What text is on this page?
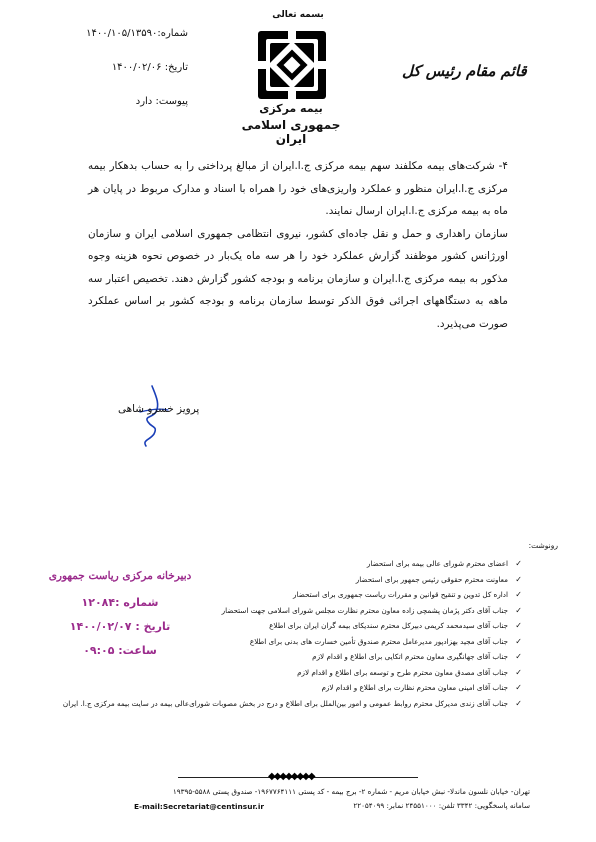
بسمه تعالی
بیمه مرکزی
جمهوری اسلامی ایران
شماره:۱۴۰۰/۱۰۵/۱۳۵۹۰
تاریخ: ۱۴۰۰/۰۲/۰۶
پیوست: دارد
قائم مقام رئیس کل

۴- شرکت‌های بیمه مکلفند سهم بیمه مرکزی ج.ا.ایران از مبالغ پرداختی را به حساب بدهکار بیمه مرکزی ج.ا.ایران منظور و عملکرد واریزی‌های خود را همراه با اسناد و مدارک مربوط در پایان هر ماه به بیمه مرکزی ج.ا.ایران ارسال نمایند.

سازمان راهداری و حمل و نقل جاده‌ای کشور، نیروی انتظامی جمهوری اسلامی ایران و سازمان اورژانس کشور موظفند گزارش عملکرد خود را هر سه ماه یک‌بار در خصوص نحوه هزینه وجوه مذکور به بیمه مرکزی ج.ا.ایران و سازمان برنامه و بودجه کشور گزارش دهند. تخصیص اعتبار سه ماهه به دستگاههای اجرائی فوق الذکر توسط سازمان برنامه و بودجه کشور بر اساس عملکرد صورت می‌پذیرد.

پرویز خسرو شاهی
رونوشت:
✓
اعضای محترم شورای عالی بیمه برای استحضار
✓
معاونت محترم حقوقی رئیس جمهور برای استحضار
✓
اداره کل تدوین و تنقیح قوانین و مقررات ریاست جمهوری برای استحضار
✓
جناب آقای دکتر پژمان پشمچی زاده معاون محترم نظارت مجلس شورای اسلامی جهت استحضار
✓
جناب آقای سیدمحمد کریمی دبیرکل محترم سندیکای بیمه گران ایران برای اطلاع
✓
جناب آقای مجید بهزادپور مدیرعامل محترم صندوق تأمین خسارت های بدنی برای اطلاع
✓
جناب آقای جهانگیری معاون محترم اتکایی برای اطلاع و اقدام لازم
✓
جناب آقای مصدق معاون محترم طرح و توسعه برای اطلاع و اقدام لازم
✓
جناب آقای امینی معاون محترم نظارت برای اطلاع و اقدام لازم
✓
جناب آقای زندی مدیرکل محترم روابط عمومی و امور بین‌الملل برای اطلاع و درج در بخش مصوبات شورای‌عالی بیمه در سایت بیمه مرکزی ج.ا. ایران
دبیرخانه مرکزی ریاست جمهوری
شماره :۱۲۰۸۴
تاریخ : ۱۴۰۰/۰۲/۰۷
ساعت: ۰۹:۰۵
◆◆◆◆◆◆◆◆
تهران- خیابان نلسون ماندلا- نبش خیابان مریم - شماره ۲- برج بیمه - کد پستی ۱۹۶۷۷۶۴۱۱۱- صندوق پستی ۵۵۸۸-۱۹۳۹۵
سامانه پاسخگویی: ۳۳۴۲ تلفن: ۲۴۵۵۱۰۰۰ نمابر: ۲۲۰۵۴۰۹۹
E-mail:Secretariat@centinsur.ir
